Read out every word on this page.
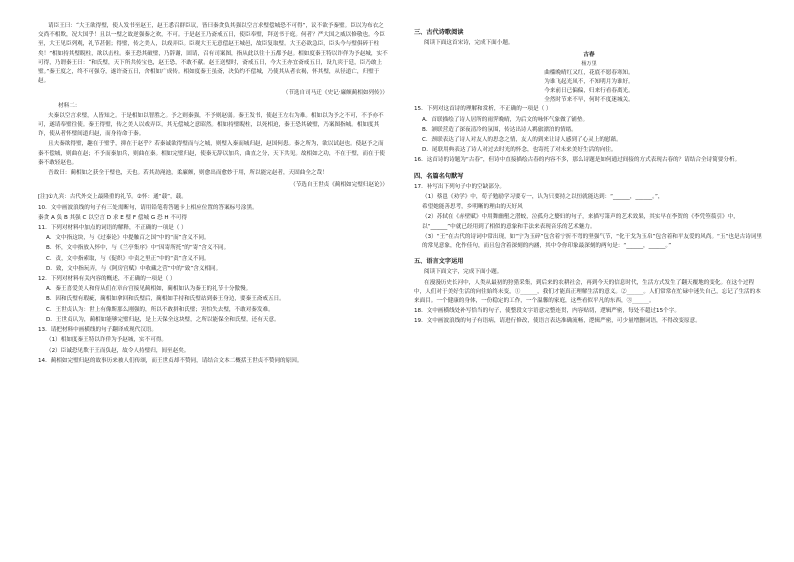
请臣王曰：“大王欲得璧，使人发书至赵王，赵王悉召群臣议，皆曰秦贪负其强以空言求璧偿城恐不可得”，议不欲予秦璧。臣以为布衣之交尚不相欺，况大国乎！且以一璧之故逆强秦之欢，不可。于是赵王乃斋戒五日，使臣奉璧，拜送书于庭。何者？严大国之威以修敬也。今臣至，大王见臣列观，礼节甚倨；得璧，传之美人，以戏弄臣。臣观大王无意偿赵王城邑，故臣复取璧。大王必欲急臣，臣头今与璧俱碎于柱矣！”相如持其璧睨柱，欲以击柱。秦王恐其破璧，乃辞谢，固请，召有司案图，指从此以往十五都予赵。相如度秦王特以诈佯为予赵城，实不可得，乃谓秦王曰：“和氏璧，天下所共传宝也，赵王恐，不敢不献。赵王送璧时，斋戒五日，今大王亦宜斋戒五日，设九宾于廷，臣乃敢上璧。”秦王度之，终不可强夺，遂许斋五日，舍相如广成传。相如度秦王虽斋，决负约不偿城，乃使其从者衣褐，怀其璧，从径道亡，归璧于赵。

（节选自司马迁《史记·廉颇蔺相如列传》）

材料二：

夫秦以空言求璧，人皆知之。于是相如以智胜之。予之则秦强，不予则赵弱。秦王发书，使赵王左右为难。相如以为予之不可，不予亦不可，遂请奉璧往使。秦王得璧，传之美人以戏弄臣，其无偿城之意昭然。相如持璧睨柱，以死相迫，秦王恐其破璧，乃案图指城。相如度其诈，使从者怀璧间道归赵，而身待命于秦。

且夫秦欲得璧，趣在于璧乎，抑在于赵乎？若秦诚欲得璧而与之城，则璧入秦而城归赵，赵国何患。秦之所为，欲以试赵也。使赵予之而秦不偿城，则曲在赵；不予而秦加兵，则曲在秦。相如完璧归赵，使秦无辞以加兵，曲直之分，天下共见。故相如之功，不在于璧，而在于使秦不敢轻赵也。

吾故曰：蔺相如之获全于璧也，天也。若其劲渑池，柔廉颇，则愈出而愈妙于用，所以能完赵者，天固曲全之哉！

（节选自王世贞《蔺相如完璧归赵论》）

[注]①九宾：古代外交上最隆重的礼节。②怀：通“载”，载。

10．文中画波浪线的句子有三处需断句，请用铅笔将答题卡上相应位置的答案标号涂黑。

秦贪 A 负 B 其强 C 以空言 D 求 E 璧 F 偿城 G 恐 H 不可得

11．下列对材料中加点的词语的解释，不正确的一项是（ ）

A．文中指这块，与《过秦论》中提触百之国”中的“而”含义不同。

B．怀，文中指放入怀中，与《兰亭集序》中“因寄所托”的“寄”含义不同。

C．责，文中指索取，与《促织》中责之里正”中的“责”含义不同。

D．致，文中指玩弄，与《阿房宫赋》中收藏之营”中的“致”含义相同。

12．下列对材料有关内容的概述，不正确的一项是（ ）

A．秦王喜爱美人和侍从们在章台宫接见蔺相如，蔺相如认为秦王的礼节十分傲慢。

B．因和氏璧有瑕疵，蔺相如拿回和氏璧后，蔺相如手持和氏璧站到秦王身边，要秦王斋戒五日。

C．王世贞认为：世上有像斯那么刚强的，所以不敢拼和氏璧；害怕失去璧，不敢对秦发难。

D．王世贞认为，蔺相如能够完璧归赵，是上天保全这块璧，之所以能保全和氏璧，还有天意。

13．请把材料中画横线的句子翻译成现代汉语。

（1）相如度秦王特以诈佯为予赵城，实不可得。

（2）臣诚恐见欺于王而负赵，故令人持璧归，间至赵矣。

14．蔺相如完璧归赵的故事历来被人们传颂，而王世贞却不赞同，请结合文本二概括王世贞不赞同的原因。

三、古代诗歌阅读

阅读下面这首宋诗，完成下面小题。

古春

杨万里

曲槛晚晴红又红，花底不愿春寒知。

为谁飞起光凤不，不知明月为谁好。

今来前日已偏偏，归来行看春离光。

全然时节来不早，何时不度迷城关。

15．下列对这首诗的理解和赏析，不正确的一项是（ ）

A．首联描绘了诗人居所的雨霁晚晴，为后文的咏怀气象做了铺垫。

B．颔联营造了深夜清冷的氛围，传达出诗人羁旅漂泊的情绪。

C．颈联表达了诗人对友人的思念之情，友人的到来让诗人感到了心灵上的慰藉。

D．尾联用典表达了诗人对过去时光的怀念，也寄托了对未来美好生活的向往。

16．这首诗的诗题为“古春”，但诗中直接描绘古春的内容不多，那么诗题是如何通过间接的方式表现古春的？请结合全诗简要分析。

四、名篇名句默写

17．补写出下列句子中的空缺部分。

（1）蔡邕《劝学》中，荀子勉励学习要专一，认为只要持之以恒就能达到：“______，______。”，

希望她能善思考，乡明晰的理由的天好风

（2）苏轼在《赤壁赋》中用舞幽壑之潜蛟，泣孤舟之嫠妇的句子，来描写箫声的艺术效果，其实早在李贺的《李凭箜篌引》中，以“______”中就已经用到了相似的意象和手法来表现音乐的艺术魅力。

（3）“王”在古代的诗词中常出现，如“宁为玉碎”包含着宁折不弯的坚强气节，“化干戈为玉帛”包含着和平友爱的风尚。“玉”也是古诗词里的常见意象，化作佳句，而且包含着深刻的内涵，其中令你印象最深刻的两句是：“______，______。”

五、语言文字运用

阅读下面文字，完成下面小题。

在漫漫历史长河中，人类从最初的狩猎采集，到后来的农耕社会，再到今天的信息时代，生活方式发生了翻天覆地的变化。在这个过程中，人们对于美好生活的向往始终未变，①______，我们才能真正理解生活的意义。②______。人们常常在忙碌中迷失自己，忘记了生活的本来面目。一个健康的身体，一份稳定的工作，一个温馨的家庭，这些看似平凡的东西，③______。

18．文中画横线处补写恰当的句子，使整段文字语意完整连贯，内容贴切，逻辑严密，每处不超过15个字。

19．文中画波浪线的句子有语病，请进行修改，使语言表达准确流畅，逻辑严密，可少量增删词语，不得改变原意。
